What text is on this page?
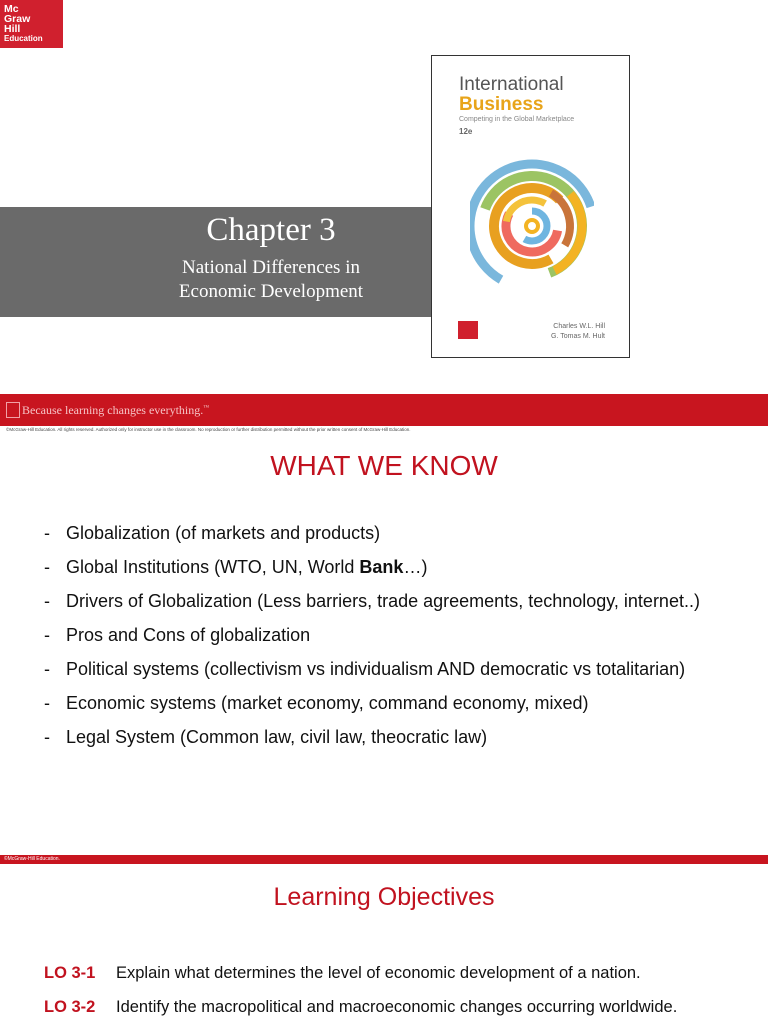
Mc
Graw
Hill
Education
Chapter 3
National Differences in
Economic Development
International
Business
Competing in the Global Marketplace
12e
Charles W.L. Hill
G. Tomas M. Hult
Because learning changes everything.™
©McGraw-Hill Education. All rights reserved. Authorized only for instructor use in the classroom. No reproduction or further distribution permitted without the prior written consent of McGraw-Hill Education.
WHAT WE KNOW
- Globalization (of markets and products)
- Global Institutions (WTO, UN, World Bank…)
- Drivers of Globalization (Less barriers, trade agreements, technology, internet..)
- Pros and Cons of globalization
- Political systems (collectivism vs individualism AND democratic vs totalitarian)
- Economic systems (market economy, command economy, mixed)
- Legal System (Common law, civil law, theocratic law)
©McGraw-Hill Education.
Learning Objectives
LO 3-1 Explain what determines the level of economic development of a nation.
LO 3-2 Identify the macropolitical and macroeconomic changes occurring worldwide.
